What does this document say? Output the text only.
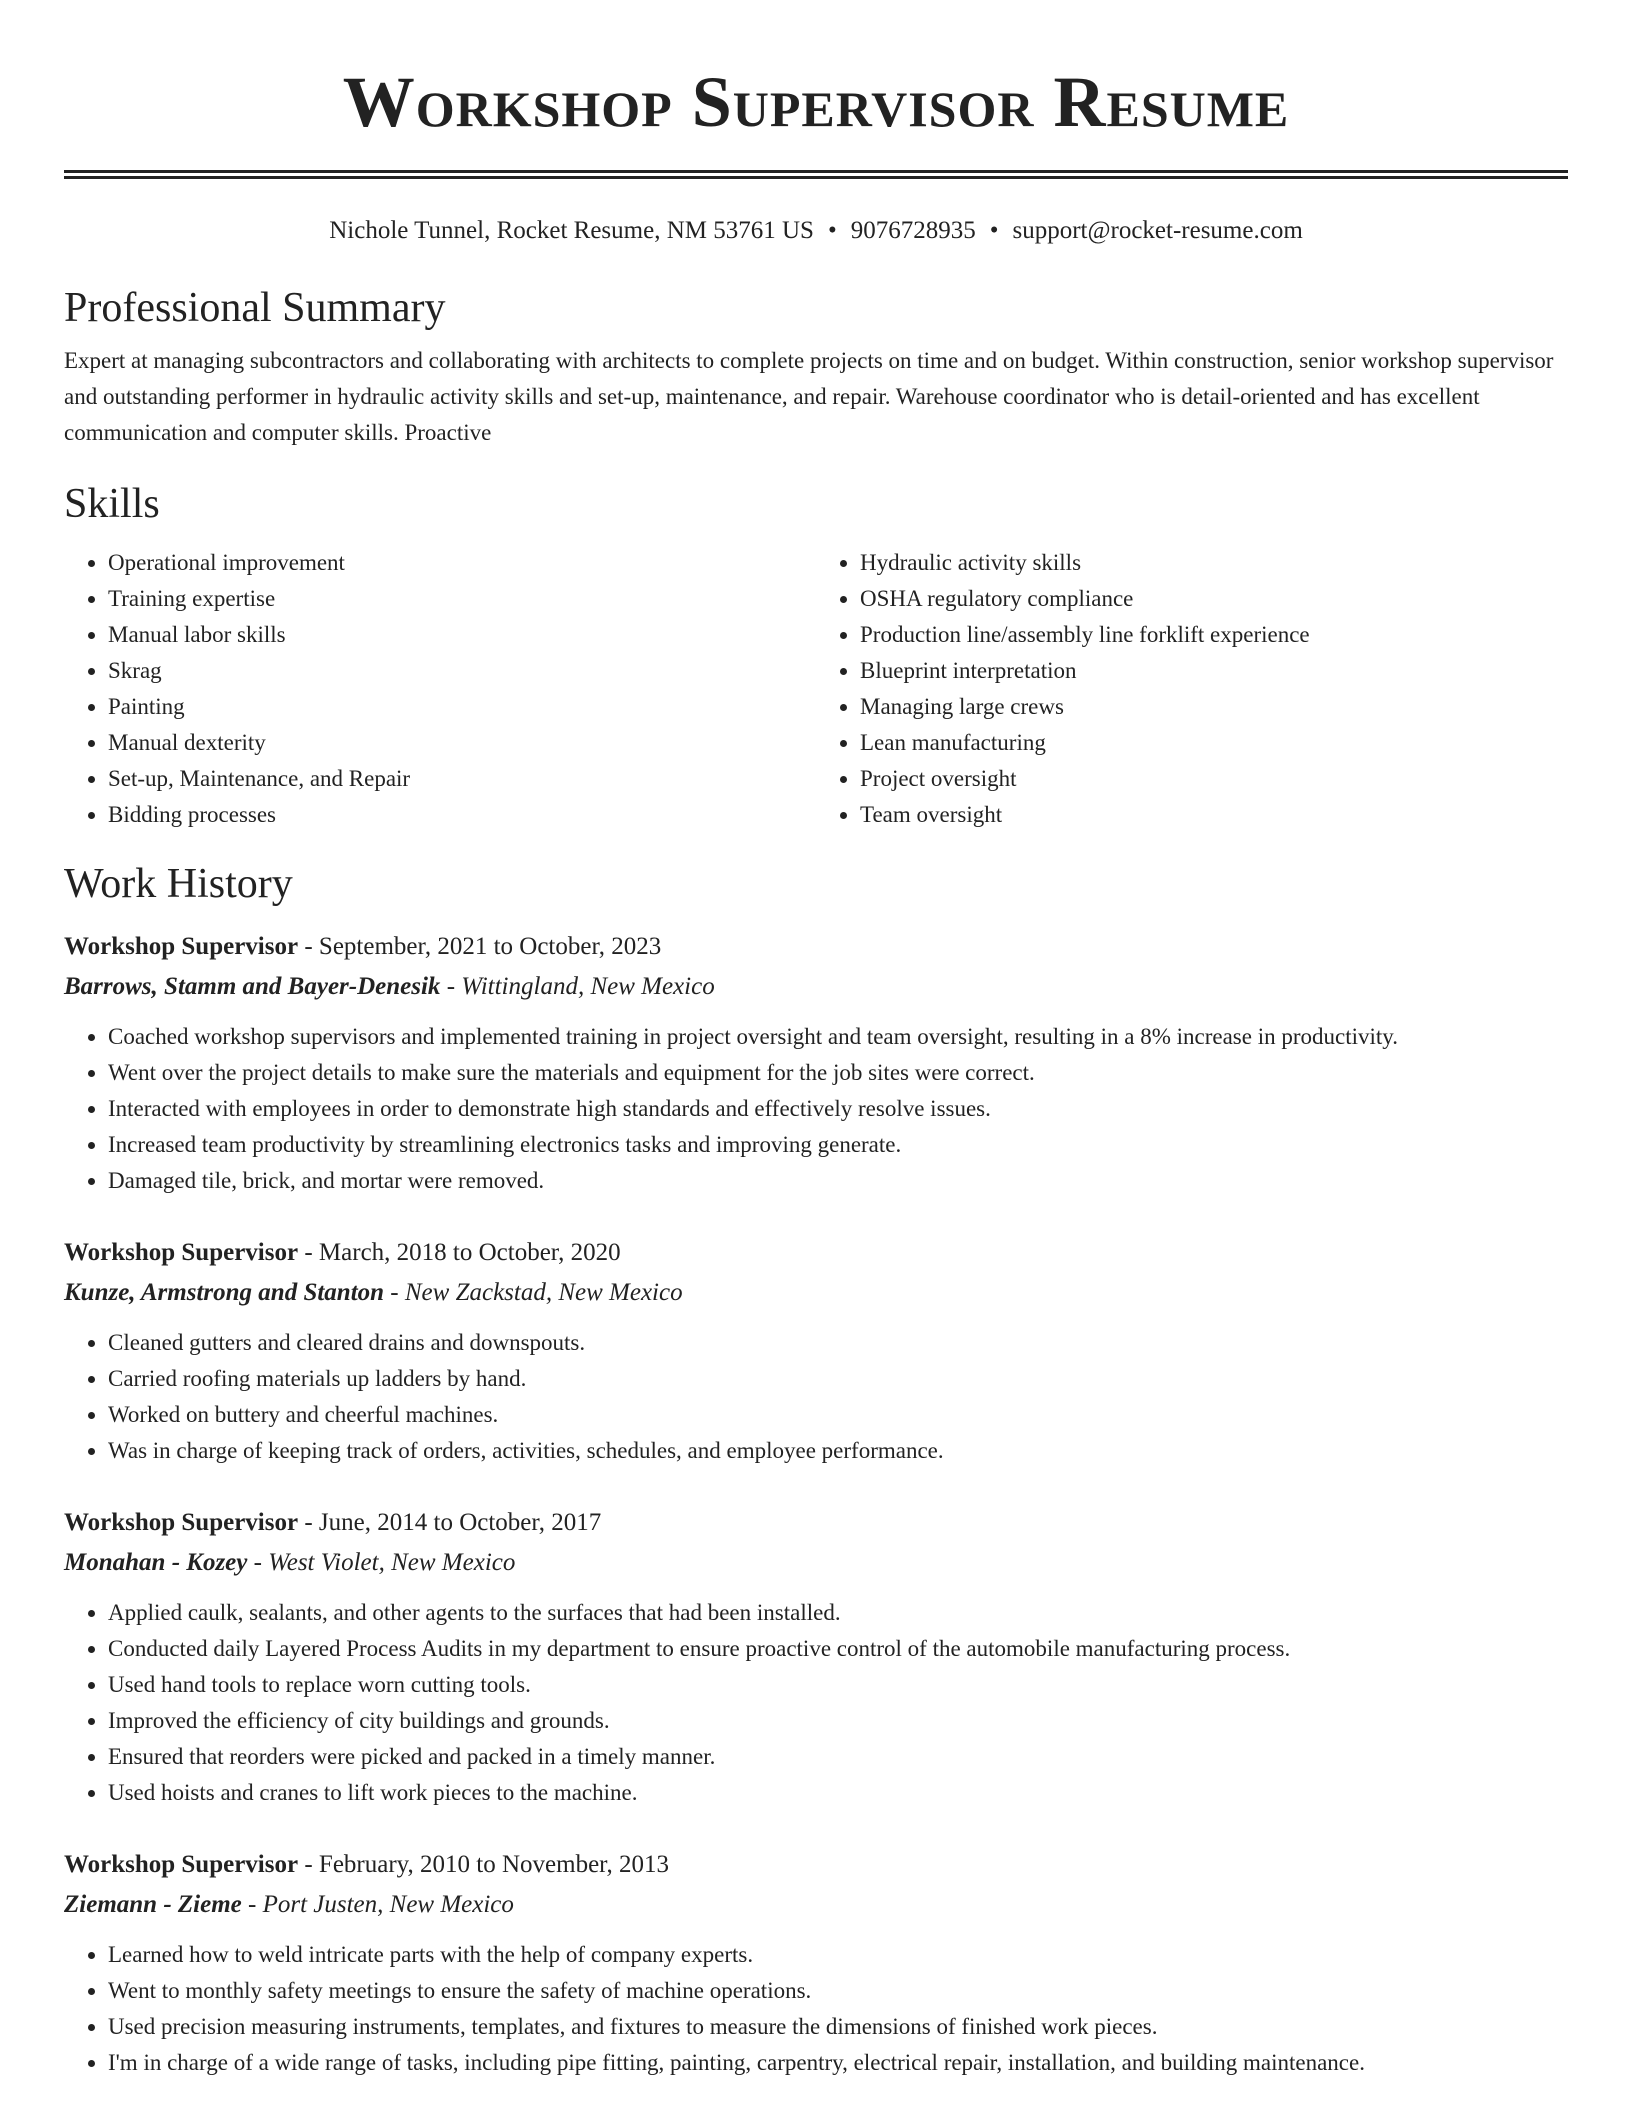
Workshop Supervisor Resume
Nichole Tunnel, Rocket Resume, NM 53761 US • 9076728935 • support@rocket-resume.com
Professional Summary

Expert at managing subcontractors and collaborating with architects to complete projects on time and on budget. Within construction, senior workshop supervisor and outstanding performer in hydraulic activity skills and set-up, maintenance, and repair. Warehouse coordinator who is detail-oriented and has excellent communication and computer skills. Proactive

Skills
• Operational improvement
• Training expertise
• Manual labor skills
• Skrag
• Painting
• Manual dexterity
• Set-up, Maintenance, and Repair
• Bidding processes
• Hydraulic activity skills
• OSHA regulatory compliance
• Production line/assembly line forklift experience
• Blueprint interpretation
• Managing large crews
• Lean manufacturing
• Project oversight
• Team oversight
Work History
Workshop Supervisor - September, 2021 to October, 2023
Barrows, Stamm and Bayer-Denesik - Wittingland, New Mexico
• Coached workshop supervisors and implemented training in project oversight and team oversight, resulting in a 8% increase in productivity.
• Went over the project details to make sure the materials and equipment for the job sites were correct.
• Interacted with employees in order to demonstrate high standards and effectively resolve issues.
• Increased team productivity by streamlining electronics tasks and improving generate.
• Damaged tile, brick, and mortar were removed.
Workshop Supervisor - March, 2018 to October, 2020
Kunze, Armstrong and Stanton - New Zackstad, New Mexico
• Cleaned gutters and cleared drains and downspouts.
• Carried roofing materials up ladders by hand.
• Worked on buttery and cheerful machines.
• Was in charge of keeping track of orders, activities, schedules, and employee performance.
Workshop Supervisor - June, 2014 to October, 2017
Monahan - Kozey - West Violet, New Mexico
• Applied caulk, sealants, and other agents to the surfaces that had been installed.
• Conducted daily Layered Process Audits in my department to ensure proactive control of the automobile manufacturing process.
• Used hand tools to replace worn cutting tools.
• Improved the efficiency of city buildings and grounds.
• Ensured that reorders were picked and packed in a timely manner.
• Used hoists and cranes to lift work pieces to the machine.
Workshop Supervisor - February, 2010 to November, 2013
Ziemann - Zieme - Port Justen, New Mexico
• Learned how to weld intricate parts with the help of company experts.
• Went to monthly safety meetings to ensure the safety of machine operations.
• Used precision measuring instruments, templates, and fixtures to measure the dimensions of finished work pieces.
• I'm in charge of a wide range of tasks, including pipe fitting, painting, carpentry, electrical repair, installation, and building maintenance.
